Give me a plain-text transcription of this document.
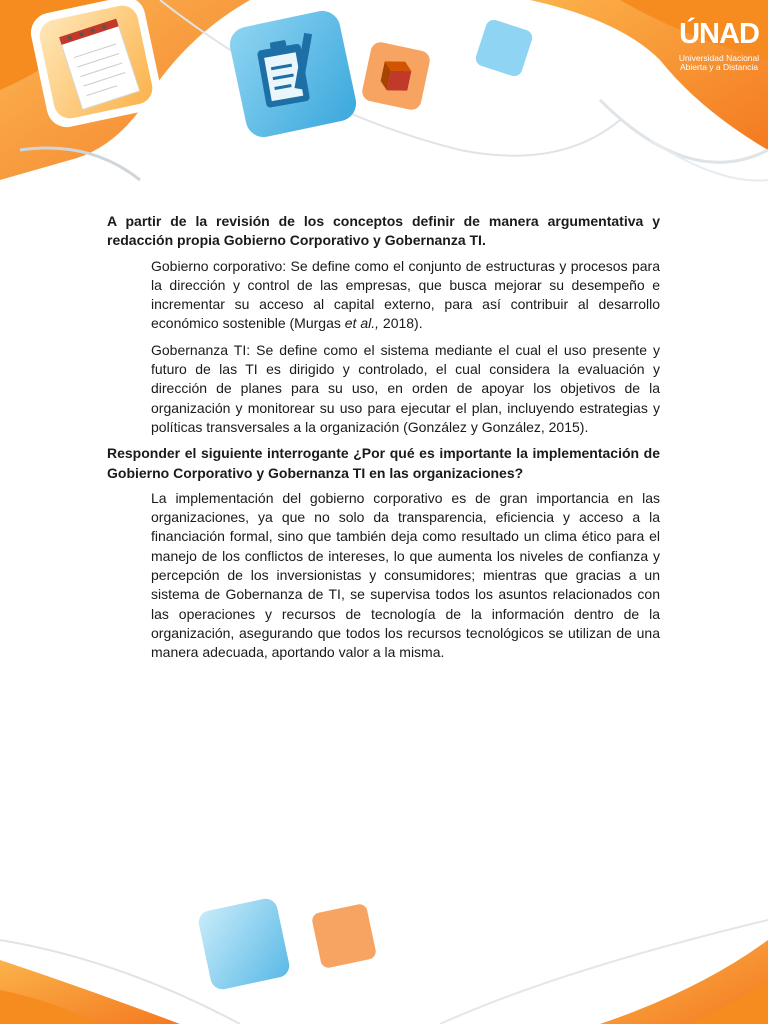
ÚNAD
Universidad Nacional
Abierta y a Distancia

A partir de la revisión de los conceptos definir de manera argumentativa y redacción propia Gobierno Corporativo y Gobernanza TI.

Gobierno corporativo: Se define como el conjunto de estructuras y procesos para la dirección y control de las empresas, que busca mejorar su desempeño e incrementar su acceso al capital externo, para así contribuir al desarrollo económico sostenible (Murgas et al., 2018).

Gobernanza TI: Se define como el sistema mediante el cual el uso presente y futuro de las TI es dirigido y controlado, el cual considera la evaluación y dirección de planes para su uso, en orden de apoyar los objetivos de la organización y monitorear su uso para ejecutar el plan, incluyendo estrategias y políticas transversales a la organización (González y González, 2015).

Responder el siguiente interrogante ¿Por qué es importante la implementación de Gobierno Corporativo y Gobernanza TI en las organizaciones?

La implementación del gobierno corporativo es de gran importancia en las organizaciones, ya que no solo da transparencia, eficiencia y acceso a la financiación formal, sino que también deja como resultado un clima ético para el manejo de los conflictos de intereses, lo que aumenta los niveles de confianza y percepción de los inversionistas y consumidores; mientras que gracias a un sistema de Gobernanza de TI, se supervisa todos los asuntos relacionados con las operaciones y recursos de tecnología de la información dentro de la organización, asegurando que todos los recursos tecnológicos se utilizan de una manera adecuada, aportando valor a la misma.
